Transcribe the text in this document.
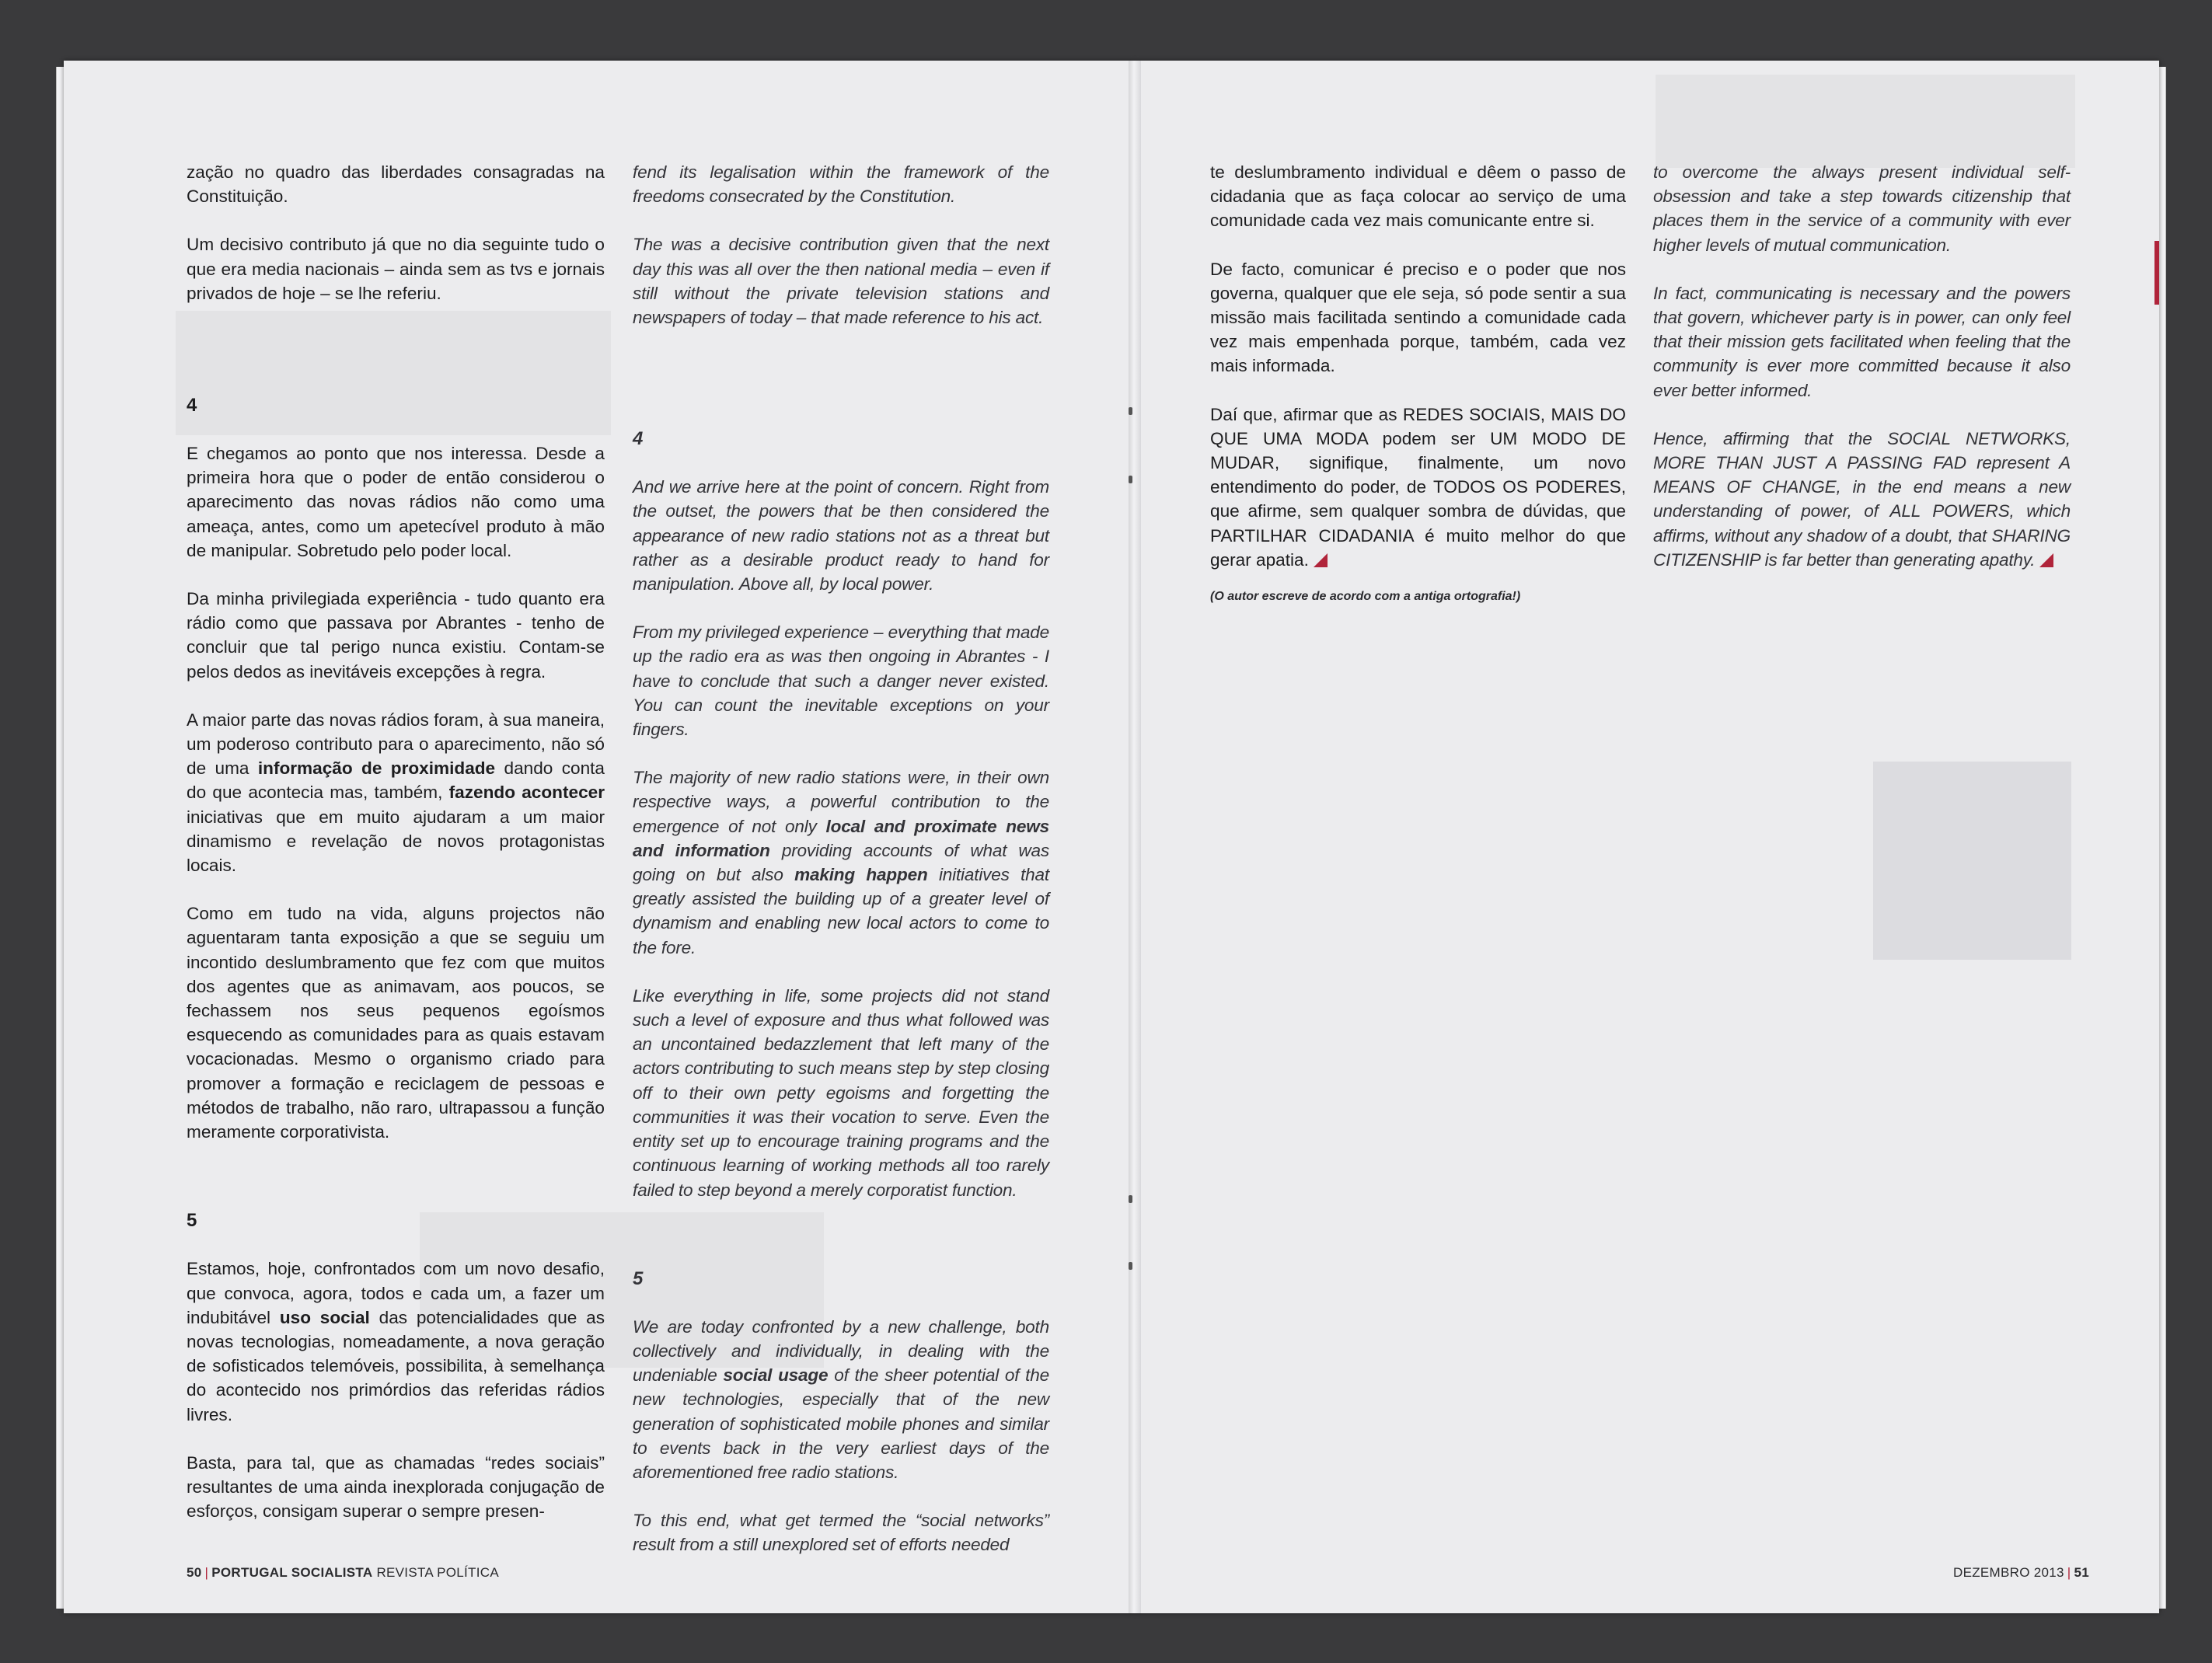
zação no quadro das liberdades consagradas na Constituição.

Um decisivo contributo já que no dia seguinte tudo o que era media nacionais – ainda sem as tvs e jornais privados de hoje – se lhe referiu.

4

E chegamos ao ponto que nos interessa. Desde a primeira hora que o poder de então considerou o aparecimento das novas rádios não como uma ameaça, antes, como um apetecível produto à mão de manipular. Sobretudo pelo poder local.

Da minha privilegiada experiência - tudo quanto era rádio como que passava por Abrantes - tenho de concluir que tal perigo nunca existiu. Contam-se pelos dedos as inevitáveis excepções à regra.

A maior parte das novas rádios foram, à sua maneira, um poderoso contributo para o aparecimento, não só de uma informação de proximidade dando conta do que acontecia mas, também, fazendo acontecer iniciativas que em muito ajudaram a um maior dinamismo e revelação de novos protagonistas locais.

Como em tudo na vida, alguns projectos não aguentaram tanta exposição a que se seguiu um incontido deslumbramento que fez com que muitos dos agentes que as animavam, aos poucos, se fechassem nos seus pequenos egoísmos esquecendo as comunidades para as quais estavam vocacionadas. Mesmo o organismo criado para promover a formação e reciclagem de pessoas e métodos de trabalho, não raro, ultrapassou a função meramente corporativista.

5

Estamos, hoje, confrontados com um novo desafio, que convoca, agora, todos e cada um, a fazer um indubitável uso social das potencialidades que as novas tecnologias, nomeadamente, a nova geração de sofisticados telemóveis, possibilita, à semelhança do acontecido nos primórdios das referidas rádios livres.

Basta, para tal, que as chamadas “redes sociais” resultantes de uma ainda inexplorada conjugação de esforços, consigam superar o sempre presen-

fend its legalisation within the framework of the freedoms consecrated by the Constitution.

The was a decisive contribution given that the next day this was all over the then national media – even if still without the private television stations and newspapers of today – that made reference to his act.

4

And we arrive here at the point of concern. Right from the outset, the powers that be then considered the appearance of new radio stations not as a threat but rather as a desirable product ready to hand for manipulation. Above all, by local power.

From my privileged experience – everything that made up the radio era as was then ongoing in Abrantes - I have to conclude that such a danger never existed. You can count the inevitable exceptions on your fingers.

The majority of new radio stations were, in their own respective ways, a powerful contribution to the emergence of not only local and proximate news and information providing accounts of what was going on but also making happen initiatives that greatly assisted the building up of a greater level of dynamism and enabling new local actors to come to the fore.

Like everything in life, some projects did not stand such a level of exposure and thus what followed was an uncontained bedazzlement that left many of the actors contributing to such means step by step closing off to their own petty egoisms and forgetting the communities it was their vocation to serve. Even the entity set up to encourage training programs and the continuous learning of working methods all too rarely failed to step beyond a merely corporatist function.

5

We are today confronted by a new challenge, both collectively and individually, in dealing with the undeniable social usage of the sheer potential of the new technologies, especially that of the new generation of sophisticated mobile phones and similar to events back in the very earliest days of the aforementioned free radio stations.

To this end, what get termed the “social networks” result from a still unexplored set of efforts needed

te deslumbramento individual e dêem o passo de cidadania que as faça colocar ao serviço de uma comunidade cada vez mais comunicante entre si.

De facto, comunicar é preciso e o poder que nos governa, qualquer que ele seja, só pode sentir a sua missão mais facilitada sentindo a comunidade cada vez mais empenhada porque, também, cada vez mais informada.

Daí que, afirmar que as REDES SOCIAIS, MAIS DO QUE UMA MODA podem ser UM MODO DE MUDAR, signifique, finalmente, um novo entendimento do poder, de TODOS OS PODERES, que afirme, sem qualquer sombra de dúvidas, que PARTILHAR CIDADANIA é muito melhor do que gerar apatia.

(O autor escreve de acordo com a antiga ortografia!)

to overcome the always present individual self-obsession and take a step towards citizenship that places them in the service of a community with ever higher levels of mutual communication.

In fact, communicating is necessary and the powers that govern, whichever party is in power, can only feel that their mission gets facilitated when feeling that the community is ever more committed because it also ever better informed.

Hence, affirming that the SOCIAL NETWORKS, MORE THAN JUST A PASSING FAD represent A MEANS OF CHANGE, in the end means a new understanding of power, of ALL POWERS, which affirms, without any shadow of a doubt, that SHARING CITIZENSHIP is far better than generating apathy.

50 | PORTUGAL SOCIALISTA REVISTA POLÍTICA	DEZEMBRO 2013 | 51
